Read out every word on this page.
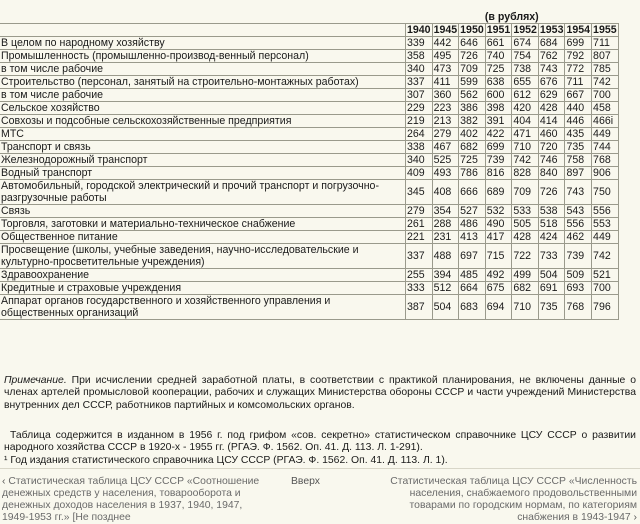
	(в рублях)							
	1940	1945	1950	1951	1952	1953	1954	1955
В целом по народному хозяйству	339	442	646	661	674	684	699	711
Промышленность (промышленно-производ-венный персонал)	358	495	726	740	754	762	792	807
в том числе рабочие	340	473	709	725	738	743	772	785
Строительство (персонал, занятый на строительно-монтажных работах)	337	411	599	638	655	676	711	742
в том числе рабочие	307	360	562	600	612	629	667	700
Сельское хозяйство	229	223	386	398	420	428	440	458
Совхозы и подсобные сельскохозяйственные предприятия	219	213	382	391	404	414	446	466i
МТС	264	279	402	422	471	460	435	449
Транспорт и связь	338	467	682	699	710	720	735	744
Железнодорожный транспорт	340	525	725	739	742	746	758	768
Водный транспорт	409	493	786	816	828	840	897	906
Автомобильный, городской электрический и прочий транспорт и погрузочно-разгрузочные работы	345	408	666	689	709	726	743	750
Связь	279	354	527	532	533	538	543	556
Торговля, заготовки и материально-техническое снабжение	261	288	486	490	505	518	556	553
Общественное питание	221	231	413	417	428	424	462	449
Просвещение (школы, учебные заведения, научно-исследовательские и культурно-просветительные учреждения)	337	488	697	715	722	733	739	742
Здравоохранение	255	394	485	492	499	504	509	521
Кредитные и страховые учреждения	333	512	664	675	682	691	693	700
Аппарат органов государственного и хозяйственного управления и общественных организаций	387	504	683	694	710	735	768	796
Примечание. При исчислении средней заработной платы, в соответствии с практикой планирования, не включены данные о членах артелей промысловой кооперации, рабочих и служащих Министерства обороны СССР и части учреждений Министерства внутренних дел СССР, работников партийных и комсомольских органов.
Таблица содержится в изданном в 1956 г. под грифом «сов. секретно» статистическом справочнике ЦСУ СССР о развитии народного хозяйства СССР в 1920-х - 1955 гг. (РГАЭ. Ф. 1562. Оп. 41. Д. 113. Л. 1-291).
¹ Год издания статистического справочника ЦСУ СССР (РГАЭ. Ф. 1562. Оп. 41. Д. 113. Л. 1).
‹ Статистическая таблица ЦСУ СССР «Соотношение денежных средств у населения, товарооборота и денежных доходов населения в 1937, 1940, 1947, 1949-1953 гг.» [Не позднее
Вверх	Статистическая таблица ЦСУ СССР «Численность населения, снабжаемого продовольственными товарами по городским нормам, по категориям снабжения в 1943-1947 ›
